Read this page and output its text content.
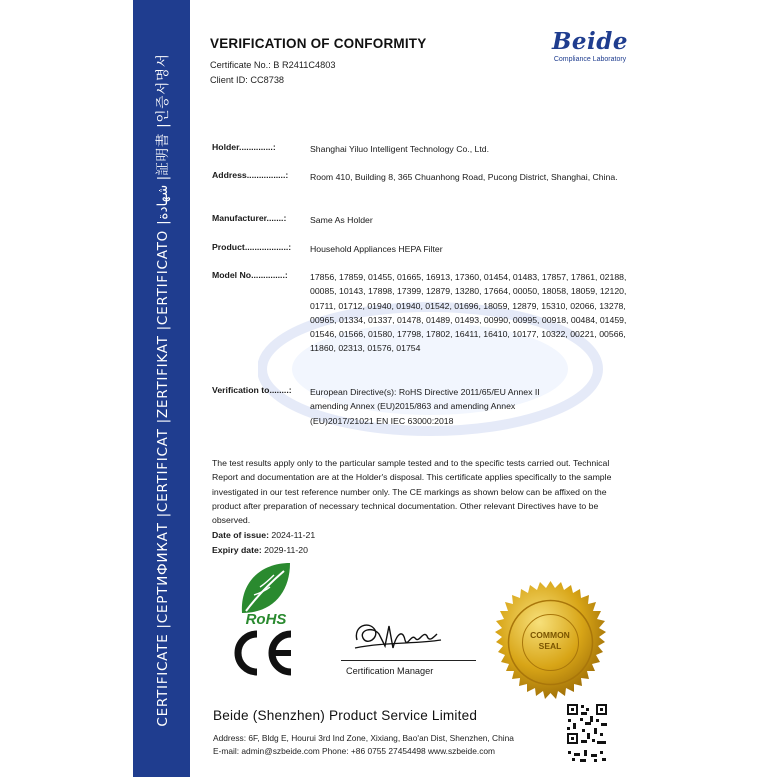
CERTIFICATE |СЕРТИФИКАТ |CERTIFICAT |ZERTIFIKAT |CERTIFICATO |شهادة |証明書 |인증서명서
VERIFICATION OF CONFORMITY
Certificate No.: B R2411C4803
Client ID: CC8738
Beide
Compliance Laboratory
Holder..............:	Shanghai Yiluo Intelligent Technology Co., Ltd.
Address................: Room 410, Building 8, 365 Chuanhong Road, Pucong District, Shanghai, China.
Manufacturer.......:	Same As Holder
Product..................: Household Appliances HEPA Filter
Model No..............:	17856, 17859, 01455, 01665, 16913, 17360, 01454, 01483, 17857, 17861, 02188, 00085, 10143, 17898, 17399, 12879, 13280, 17664, 00050, 18058, 18059, 12120, 01711, 01712, 01940, 01940, 01542, 01696, 18059, 12879, 15310, 02066, 13278, 00965, 01334, 01337, 01478, 01489, 01493, 00990, 00995, 00918, 00484, 01459, 01546, 01566, 01580, 17798, 17802, 16411, 16410, 10177, 10322, 00221, 00566, 11860, 02313, 01576, 01754
Verification to........: European Directive(s): RoHS Directive 2011/65/EU Annex II amending Annex (EU)2015/863 and amending Annex (EU)2017/21021 EN IEC 63000:2018
The test results apply only to the particular sample tested and to the specific tests carried out. Technical Report and documentation are at the Holder's disposal. This certificate applies specifically to the sample investigated in our test reference number only. The CE markings as shown below can be affixed on the product after preparation of necessary technical documentation. Other relevant Directives have to be observed.
Date of issue: 2024-11-21
Expiry date: 2029-11-20
RoHS
Certification Manager
COMMON SEAL
Beide (Shenzhen) Product Service Limited
Address: 6F, Bldg E, Hourui 3rd Ind Zone, Xixiang, Bao'an Dist, Shenzhen, China
E-mail: admin@szbeide.com Phone: +86 0755 27454498 www.szbeide.com
